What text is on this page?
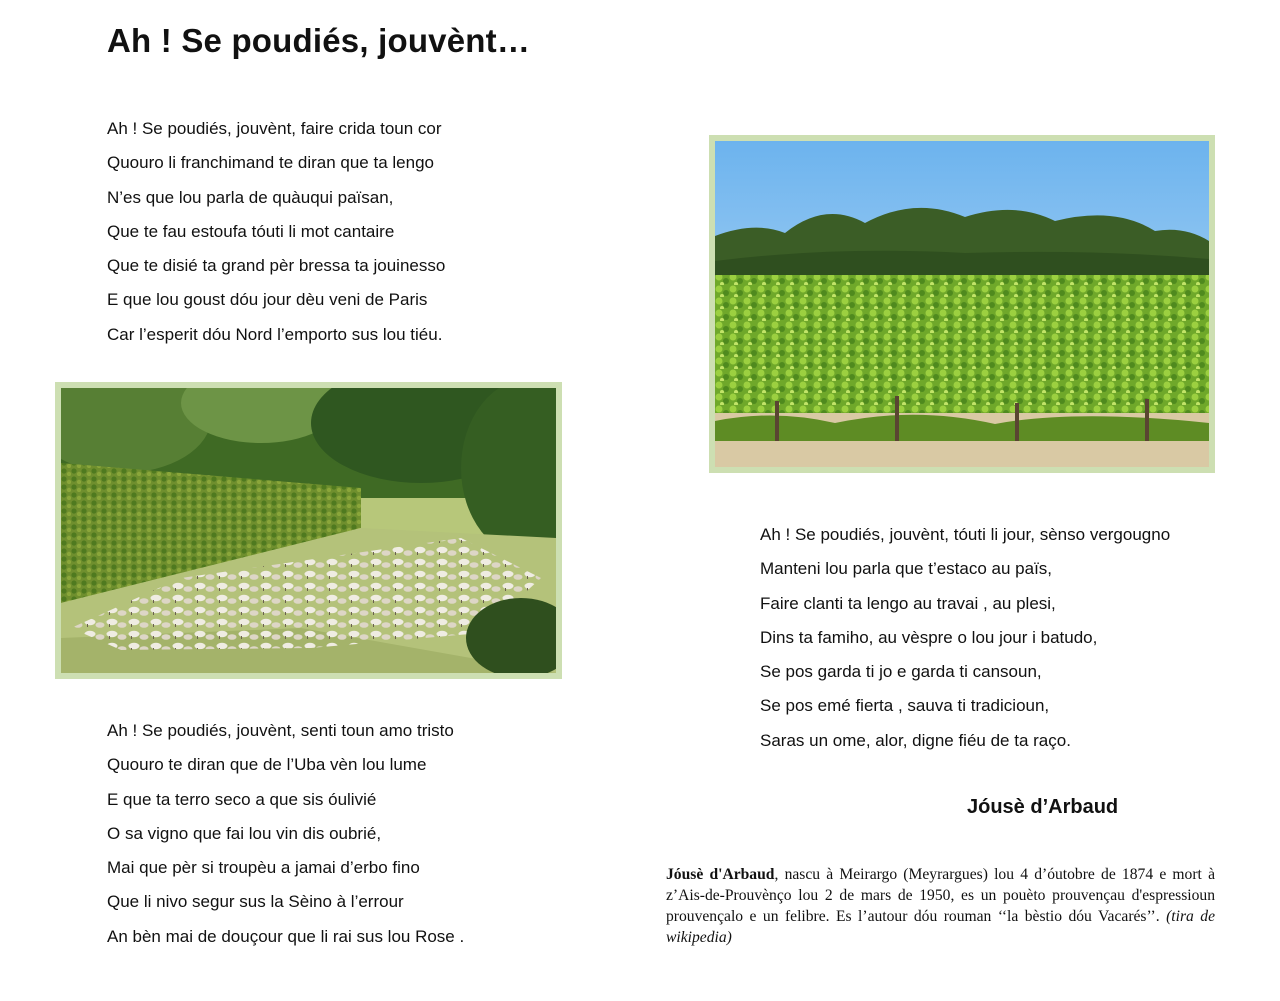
Ah ! Se poudiés, jouvènt…
Ah ! Se poudiés, jouvènt, faire crida toun cor
Quouro li franchimand te diran que ta lengo
N’es que lou parla de quàuqui païsan,
Que te fau estoufa tóuti li mot cantaire
Que te disié ta grand pèr bressa ta jouinesso
E que lou goust dóu jour dèu veni de Paris
Car l’esperit dóu Nord l’emporto sus lou tiéu.
Ah ! Se poudiés, jouvènt, senti toun amo tristo
Quouro te diran que de l’Uba vèn lou lume
E que ta terro seco a que sis óulivié
O sa vigno que fai lou vin dis oubrié,
Mai que pèr si troupèu a jamai d’erbo fino
Que li nivo segur sus la Sèino à l’errour
An bèn mai de douçour que li rai sus lou Rose .
Ah ! Se poudiés, jouvènt, tóuti li jour, sènso vergougno
Manteni lou parla que t’estaco au païs,
Faire clanti ta lengo au travai , au plesi,
Dins ta famiho, au vèspre o lou jour i batudo,
Se pos garda ti jo e garda ti cansoun,
Se pos emé fierta , sauva ti tradicioun,
Saras un ome, alor, digne fiéu de ta raço.

Jóusè d’Arbaud

Jóusè d'Arbaud, nascu à Meirargo (Meyrargues) lou 4 d’óutobre de 1874 e mort à z’Ais-de-Prouvènço lou 2 de mars de 1950, es un pouèto prouvençau d'espressioun prouvençalo e un felibre. Es l’autour dóu rouman ‘‘la bèstio dóu Vacarés’’. (tira de wikipedia)
